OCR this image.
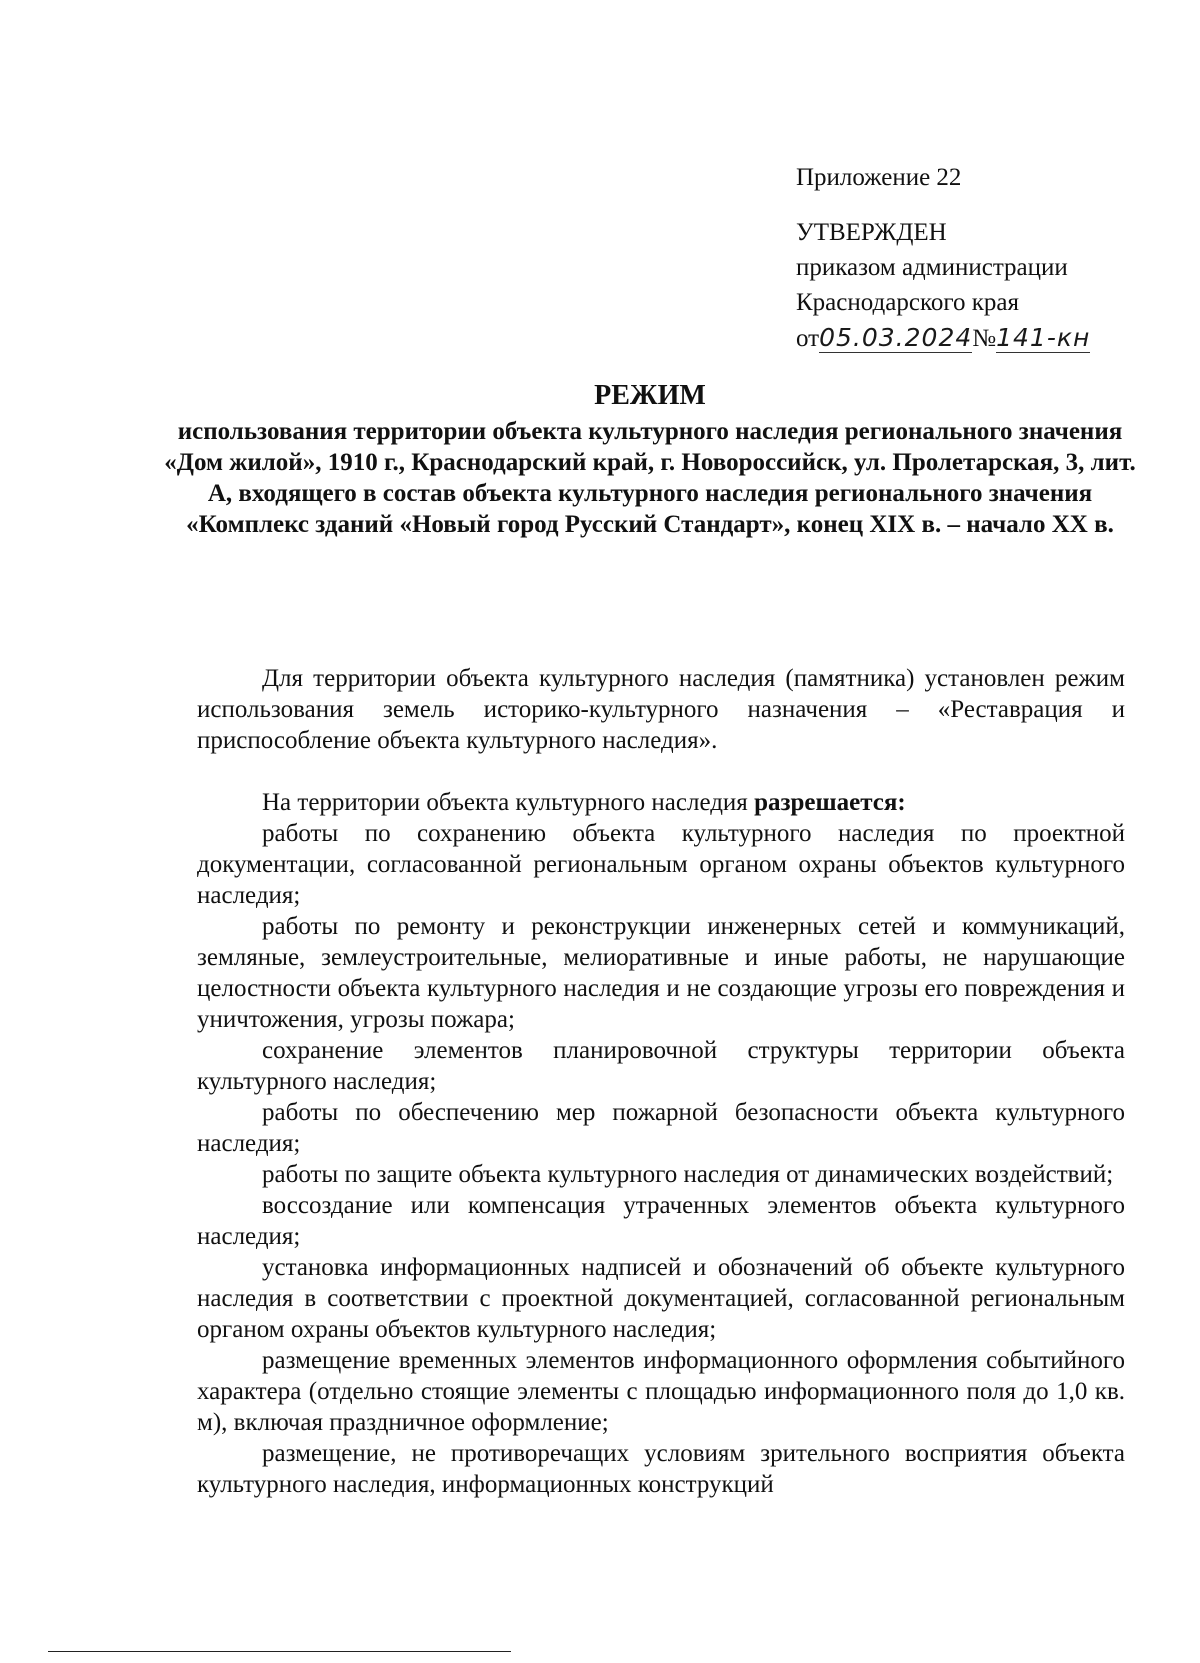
Приложение 22
УТВЕРЖДЕН
приказом администрации
Краснодарского края
от05.03.2024№141-кн
РЕЖИМ
использования территории объекта культурного наследия регионального значения «Дом жилой», 1910 г., Краснодарский край, г. Новороссийск, ул. Пролетарская, 3, лит. А, входящего в состав объекта культурного наследия регионального значения «Комплекс зданий «Новый город Русский Стандарт», конец XIX в. – начало XX в.

Для территории объекта культурного наследия (памятника) установлен режим использования земель историко-культурного назначения – «Реставрация и приспособление объекта культурного наследия».

На территории объекта культурного наследия разрешается:

работы по сохранению объекта культурного наследия по проектной документации, согласованной региональным органом охраны объектов культурного наследия;

работы по ремонту и реконструкции инженерных сетей и коммуникаций, земляные, землеустроительные, мелиоративные и иные работы, не нарушающие целостности объекта культурного наследия и не создающие угрозы его повреждения и уничтожения, угрозы пожара;

сохранение элементов планировочной структуры территории объекта культурного наследия;

работы по обеспечению мер пожарной безопасности объекта культурного наследия;

работы по защите объекта культурного наследия от динамических воздействий;

воссоздание или компенсация утраченных элементов объекта культурного наследия;

установка информационных надписей и обозначений об объекте культурного наследия в соответствии с проектной документацией, согласованной региональным органом охраны объектов культурного наследия;

размещение временных элементов информационного оформления событийного характера (отдельно стоящие элементы с площадью информационного поля до 1,0 кв. м), включая праздничное оформление;

размещение, не противоречащих условиям зрительного восприятия объекта культурного наследия, информационных конструкций
